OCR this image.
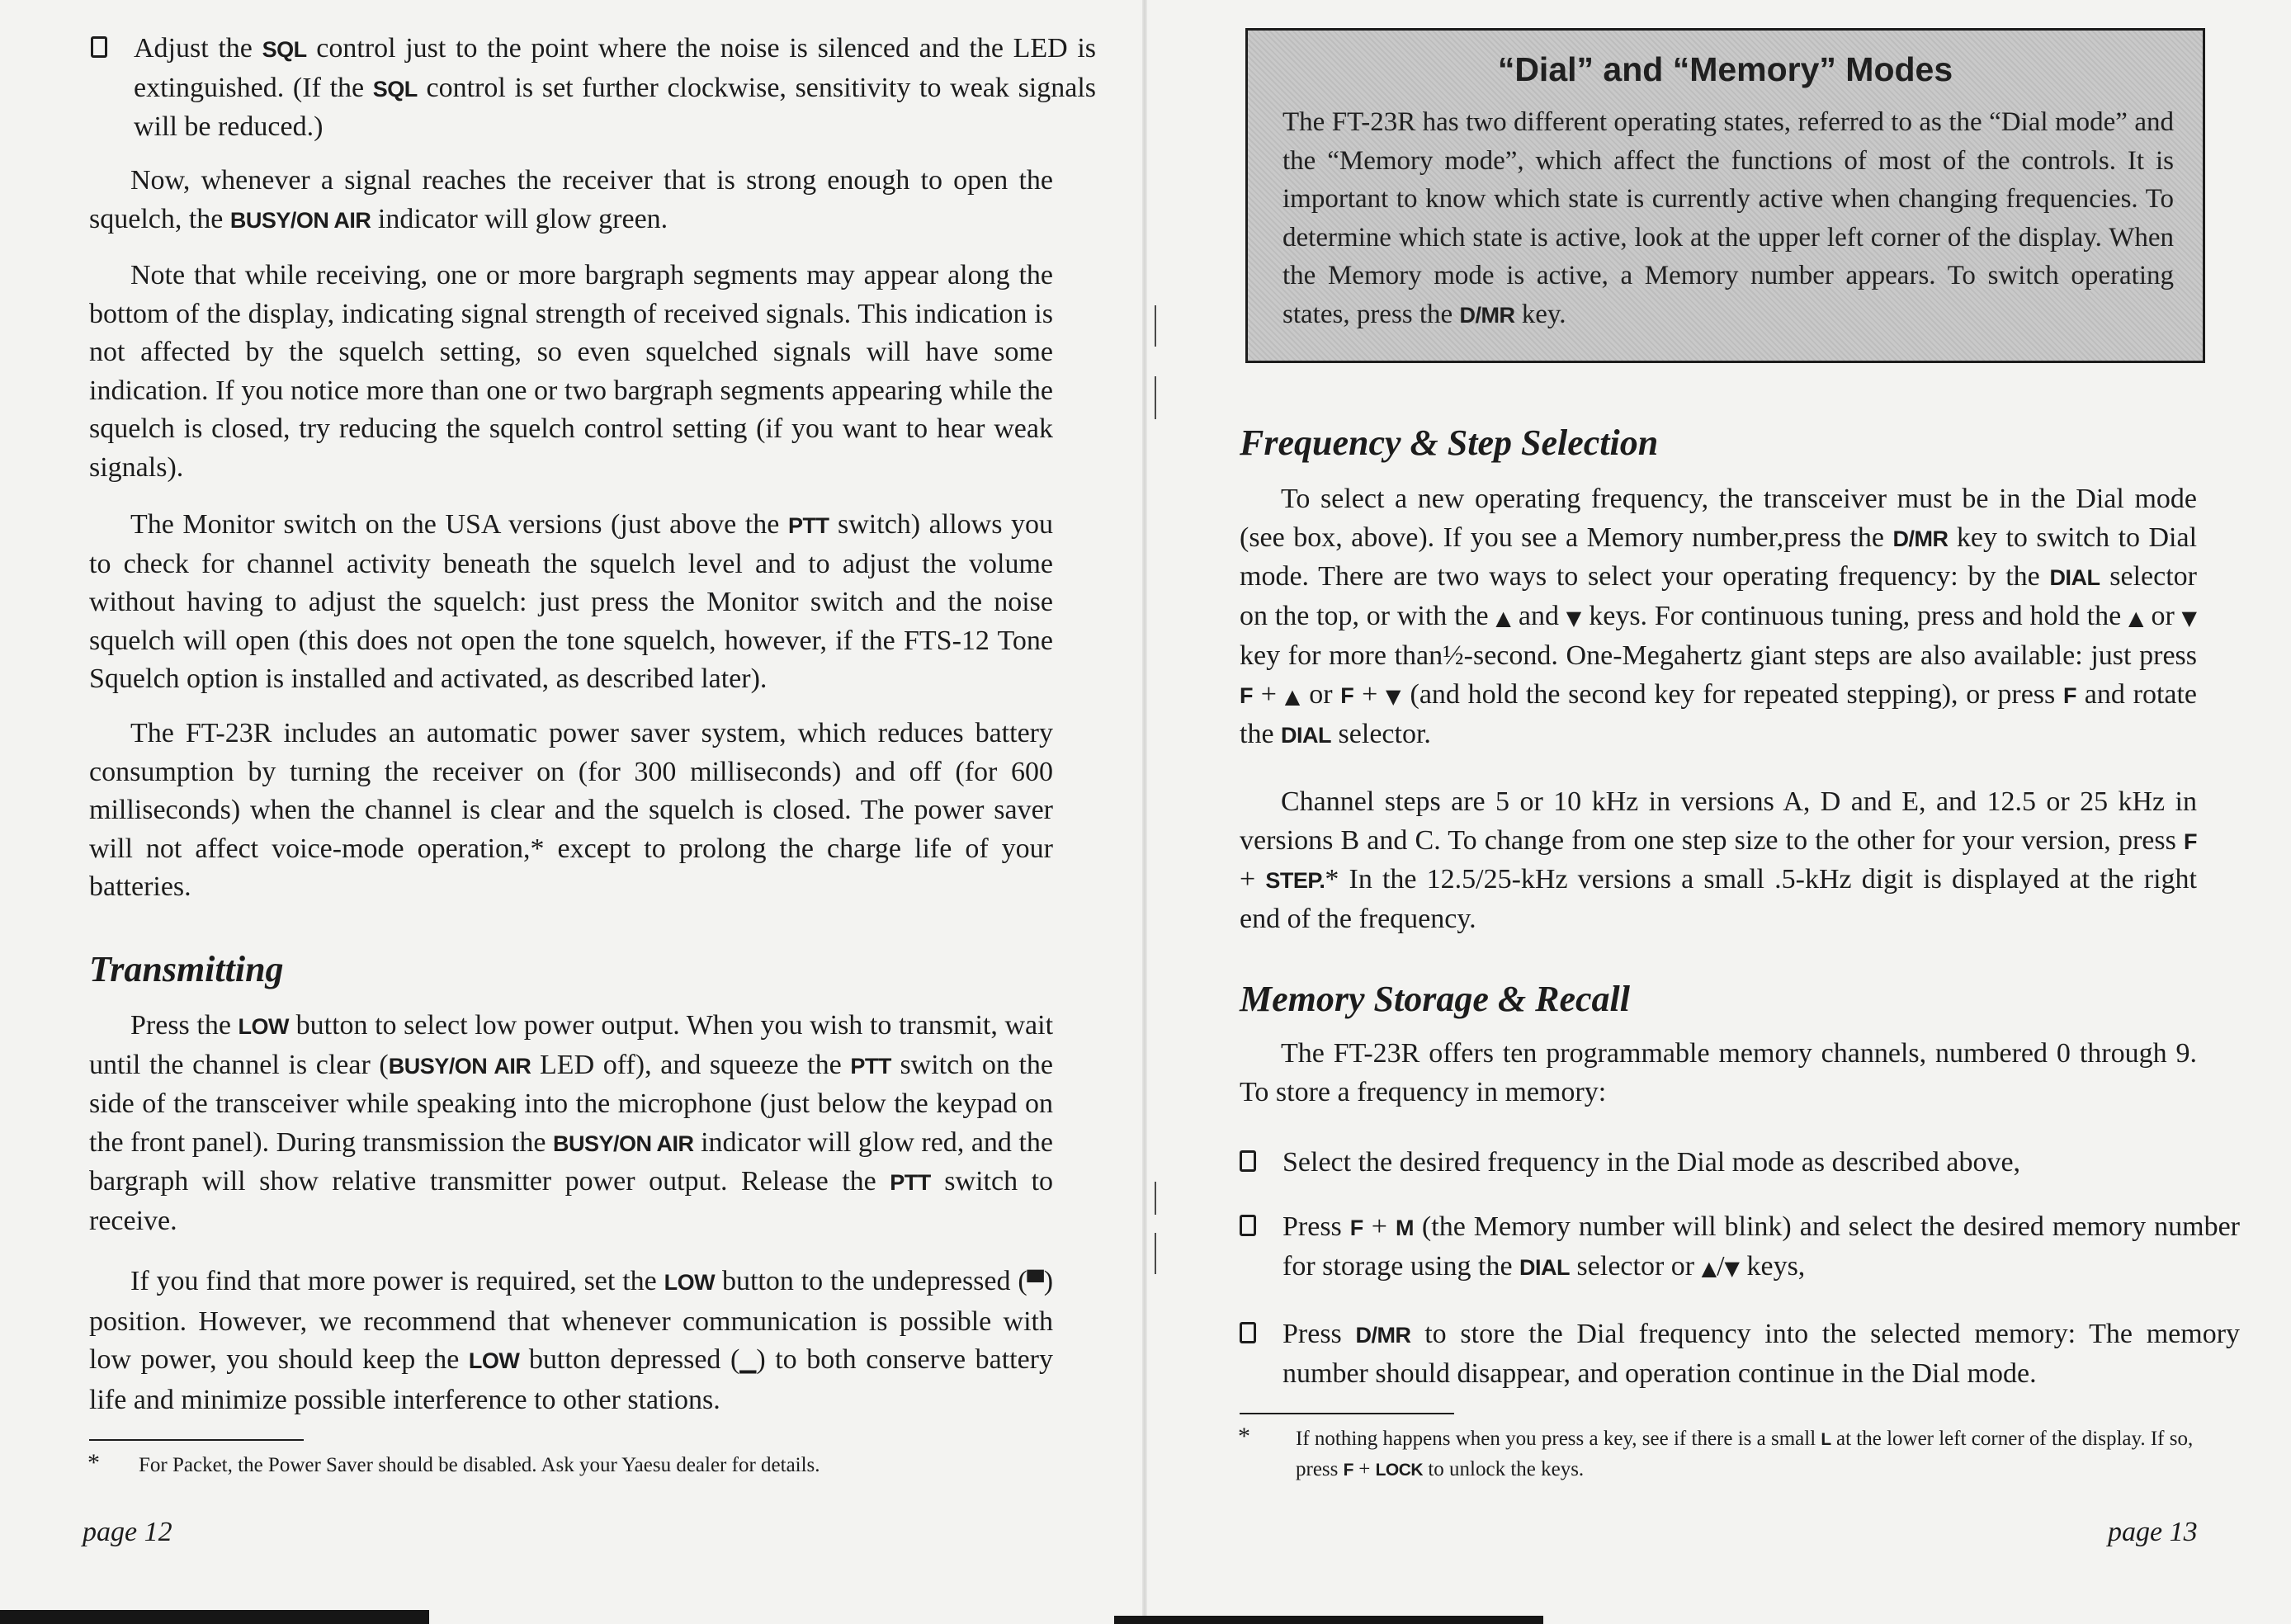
Adjust the SQL control just to the point where the noise is silenced and the LED is extinguished. (If the SQL control is set further clockwise, sensitivity to weak signals will be reduced.)

Now, whenever a signal reaches the receiver that is strong enough to open the squelch, the BUSY/ON AIR indicator will glow green.

Note that while receiving, one or more bargraph segments may appear along the bottom of the display, indicating signal strength of received signals. This indication is not affected by the squelch setting, so even squelched signals will have some indication. If you notice more than one or two bargraph segments appearing while the squelch is closed, try reducing the squelch control setting (if you want to hear weak signals).

The Monitor switch on the USA versions (just above the PTT switch) allows you to check for channel activity beneath the squelch level and to adjust the volume without having to adjust the squelch: just press the Monitor switch and the noise squelch will open (this does not open the tone squelch, however, if the FTS-12 Tone Squelch option is installed and activated, as described later).

The FT-23R includes an automatic power saver system, which reduces battery consumption by turning the receiver on (for 300 milliseconds) and off (for 600 milliseconds) when the channel is clear and the squelch is closed. The power saver will not affect voice-mode operation,* except to prolong the charge life of your batteries.

Transmitting

Press the LOW button to select low power output. When you wish to transmit, wait until the channel is clear (BUSY/ON AIR LED off), and squeeze the PTT switch on the side of the transceiver while speaking into the microphone (just below the keypad on the front panel). During transmission the BUSY/ON AIR indicator will glow red, and the bargraph will show relative transmitter power output. Release the PTT switch to receive.

If you find that more power is required, set the LOW button to the undepressed (▀) position. However, we recommend that whenever communication is possible with low power, you should keep the LOW button depressed (▁) to both conserve battery life and minimize possible interference to other stations.

* For Packet, the Power Saver should be disabled. Ask your Yaesu dealer for details.
page 12
“Dial” and “Memory” Modes
The FT-23R has two different operating states, referred to as the “Dial mode” and the “Memory mode”, which affect the functions of most of the controls. It is important to know which state is currently active when changing frequencies. To determine which state is active, look at the upper left corner of the display. When the Memory mode is active, a Memory number appears. To switch operating states, press the D/MR key.
Frequency & Step Selection

To select a new operating frequency, the transceiver must be in the Dial mode (see box, above). If you see a Memory number,press the D/MR key to switch to Dial mode. There are two ways to select your operating frequency: by the DIAL selector on the top, or with the ▲ and ▼ keys. For continuous tuning, press and hold the ▲ or ▼ key for more than½-second. One-Megahertz giant steps are also available: just press F + ▲ or F + ▼ (and hold the second key for repeated stepping), or press F and rotate the DIAL selector.

Channel steps are 5 or 10 kHz in versions A, D and E, and 12.5 or 25 kHz in versions B and C. To change from one step size to the other for your version, press F + STEP.* In the 12.5/25-kHz versions a small .5-kHz digit is displayed at the right end of the frequency.

Memory Storage & Recall

The FT-23R offers ten programmable memory channels, numbered 0 through 9. To store a frequency in memory:

Select the desired frequency in the Dial mode as described above,

Press F + M (the Memory number will blink) and select the desired memory number for storage using the DIAL selector or ▲/▼ keys,

Press D/MR to store the Dial frequency into the selected memory: The memory number should disappear, and operation continue in the Dial mode.

* If nothing happens when you press a key, see if there is a small L at the lower left corner of the display. If so, press F + LOCK to unlock the keys.
page 13
